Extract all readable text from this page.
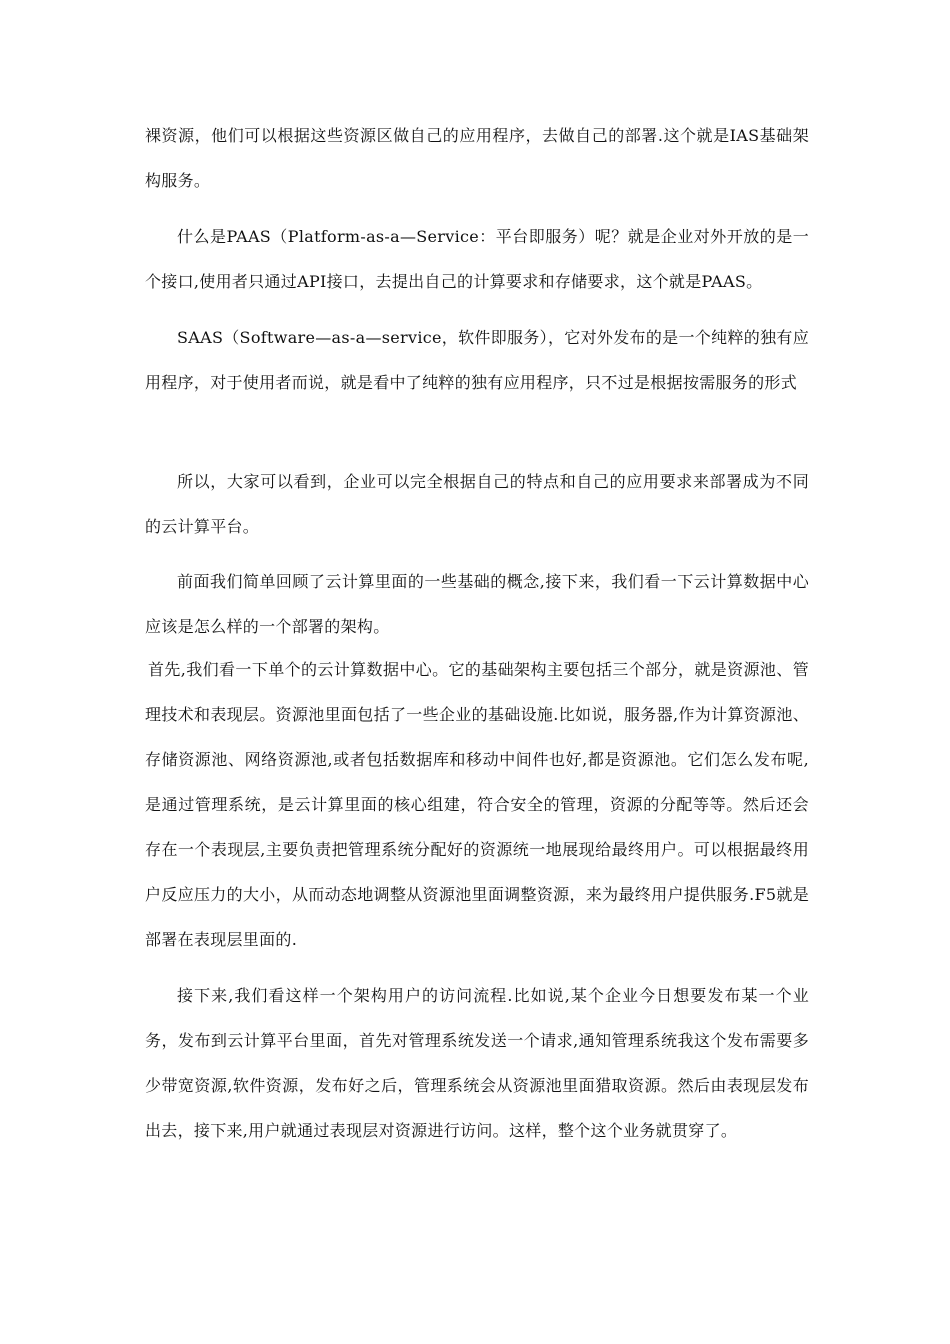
裸资源，他们可以根据这些资源区做自己的应用程序，去做自己的部署.这个就是IAS基础架构服务。

什么是PAAS（Platform-as-a—Service：平台即服务）呢？就是企业对外开放的是一个接口,使用者只通过API接口，去提出自己的计算要求和存储要求，这个就是PAAS。

SAAS（Software—as-a—service，软件即服务），它对外发布的是一个纯粹的独有应用程序，对于使用者而说，就是看中了纯粹的独有应用程序，只不过是根据按需服务的形式

所以，大家可以看到，企业可以完全根据自己的特点和自己的应用要求来部署成为不同的云计算平台。

前面我们简单回顾了云计算里面的一些基础的概念,接下来，我们看一下云计算数据中心应该是怎么样的一个部署的架构。

首先,我们看一下单个的云计算数据中心。它的基础架构主要包括三个部分，就是资源池、管理技术和表现层。资源池里面包括了一些企业的基础设施.比如说，服务器,作为计算资源池、存储资源池、网络资源池,或者包括数据库和移动中间件也好,都是资源池。它们怎么发布呢,是通过管理系统，是云计算里面的核心组建，符合安全的管理，资源的分配等等。然后还会存在一个表现层,主要负责把管理系统分配好的资源统一地展现给最终用户。可以根据最终用户反应压力的大小，从而动态地调整从资源池里面调整资源，来为最终用户提供服务.F5就是部署在表现层里面的.

接下来,我们看这样一个架构用户的访问流程.比如说,某个企业今日想要发布某一个业务，发布到云计算平台里面，首先对管理系统发送一个请求,通知管理系统我这个发布需要多少带宽资源,软件资源，发布好之后，管理系统会从资源池里面猎取资源。然后由表现层发布出去，接下来,用户就通过表现层对资源进行访问。这样，整个这个业务就贯穿了。
